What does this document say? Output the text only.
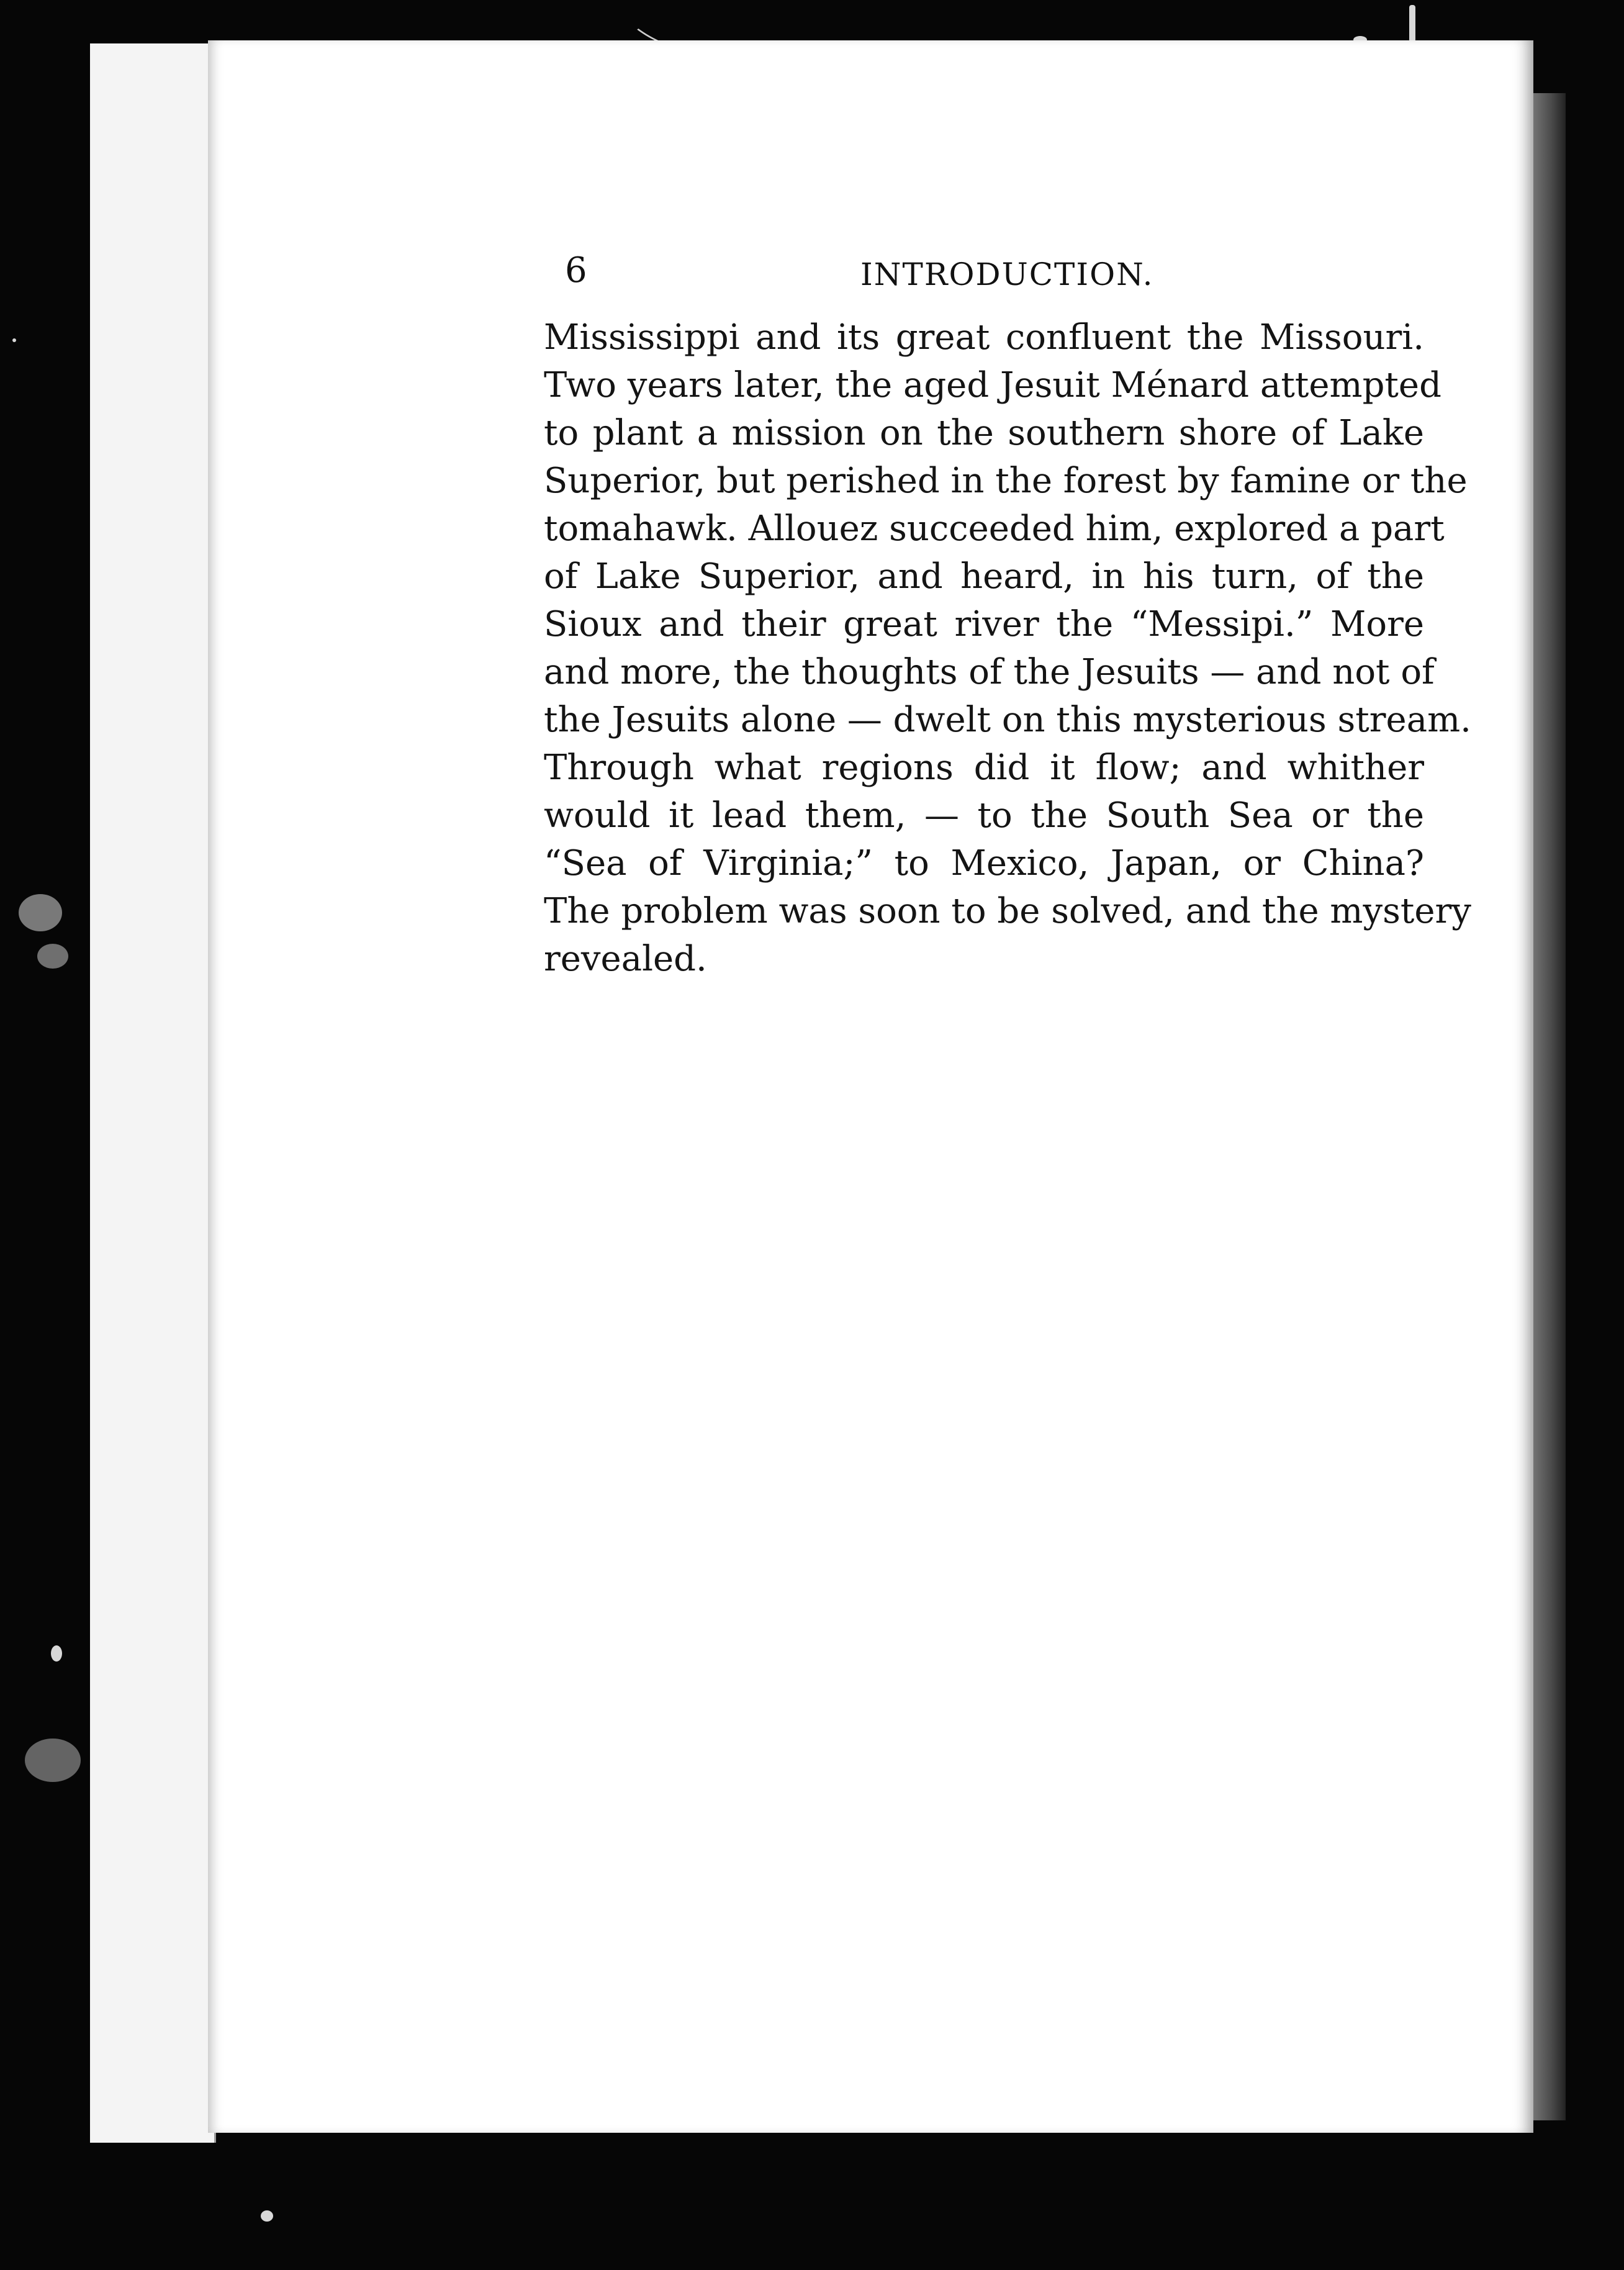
6	INTRODUCTION.
Mississippi and its great confluent the Missouri.
Two years later, the aged Jesuit Ménard attempted
to plant a mission on the southern shore of Lake
Superior, but perished in the forest by famine or the
tomahawk. Allouez succeeded him, explored a part
of Lake Superior, and heard, in his turn, of the
Sioux and their great river the “Messipi.” More
and more, the thoughts of the Jesuits — and not of
the Jesuits alone — dwelt on this mysterious stream.
Through what regions did it flow; and whither
would it lead them, — to the South Sea or the
“Sea of Virginia;” to Mexico, Japan, or China?
The problem was soon to be solved, and the mystery
revealed.
